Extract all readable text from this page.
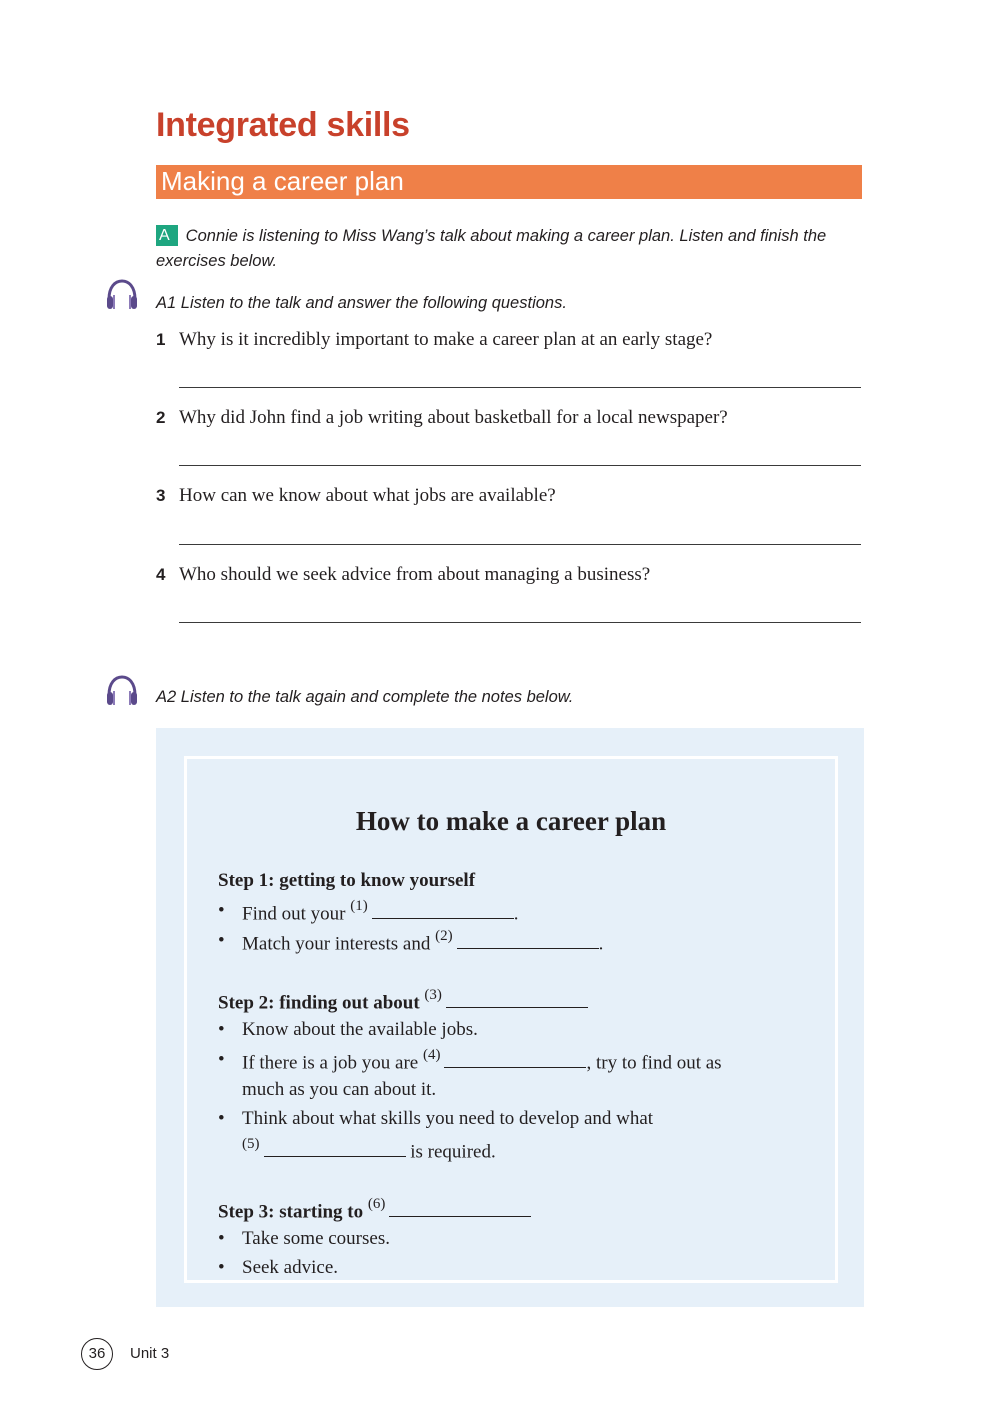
Integrated skills
Making a career plan
A Connie is listening to Miss Wang’s talk about making a career plan. Listen and finish the exercises below.
A1 Listen to the talk and answer the following questions.
1 Why is it incredibly important to make a career plan at an early stage?
2 Why did John find a job writing about basketball for a local newspaper?
3 How can we know about what jobs are available?
4 Who should we seek advice from about managing a business?
A2 Listen to the talk again and complete the notes below.
How to make a career plan
Step 1: getting to know yourself
• Find out your $^{(1)}$	.
• Match your interests and $^{(2)}$	.
Step 2: finding out about $^{(3)}$
• Know about the available jobs.
• If there is a job you are $^{(4)}$	, try to find out as
much as you can about it.
• Think about what skills you need to develop and what
$^{(5)}$	is required.
Step 3: starting to $^{(6)}$
• Take some courses.
• Seek advice.
36	Unit 3
